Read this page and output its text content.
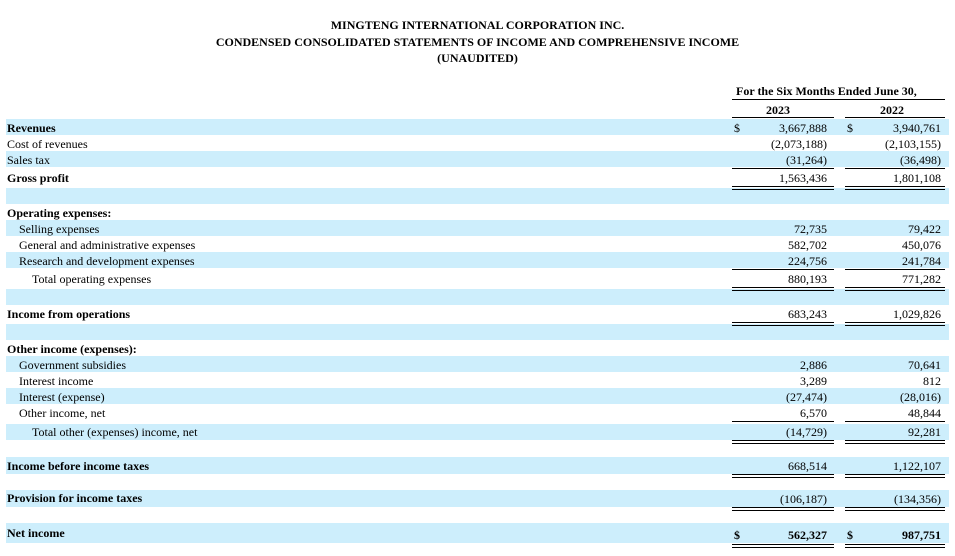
MINGTENG INTERNATIONAL CORPORATION INC.
CONDENSED CONSOLIDATED STATEMENTS OF INCOME AND COMPREHENSIVE INCOME
(UNAUDITED)
For the Six Months Ended June 30,
2023	2022
Revenues	$	3,667,888 $	3,940,761
Cost of revenues	(2,073,188)	(2,103,155)
Sales tax	(31,264)	(36,498)
Gross profit	1,563,436	1,801,108
Operating expenses:
Selling expenses	72,735	79,422
General and administrative expenses	582,702	450,076
Research and development expenses	224,756	241,784
Total operating expenses	880,193	771,282
Income from operations	683,243	1,029,826
Other income (expenses):
Government subsidies	2,886	70,641
Interest income	3,289	812
Interest (expense)	(27,474)	(28,016)
Other income, net	6,570	48,844
Total other (expenses) income, net	(14,729)	92,281
Income before income taxes	668,514	1,122,107
Provision for income taxes	(106,187)	(134,356)
Net income	$	562,327 $	987,751
